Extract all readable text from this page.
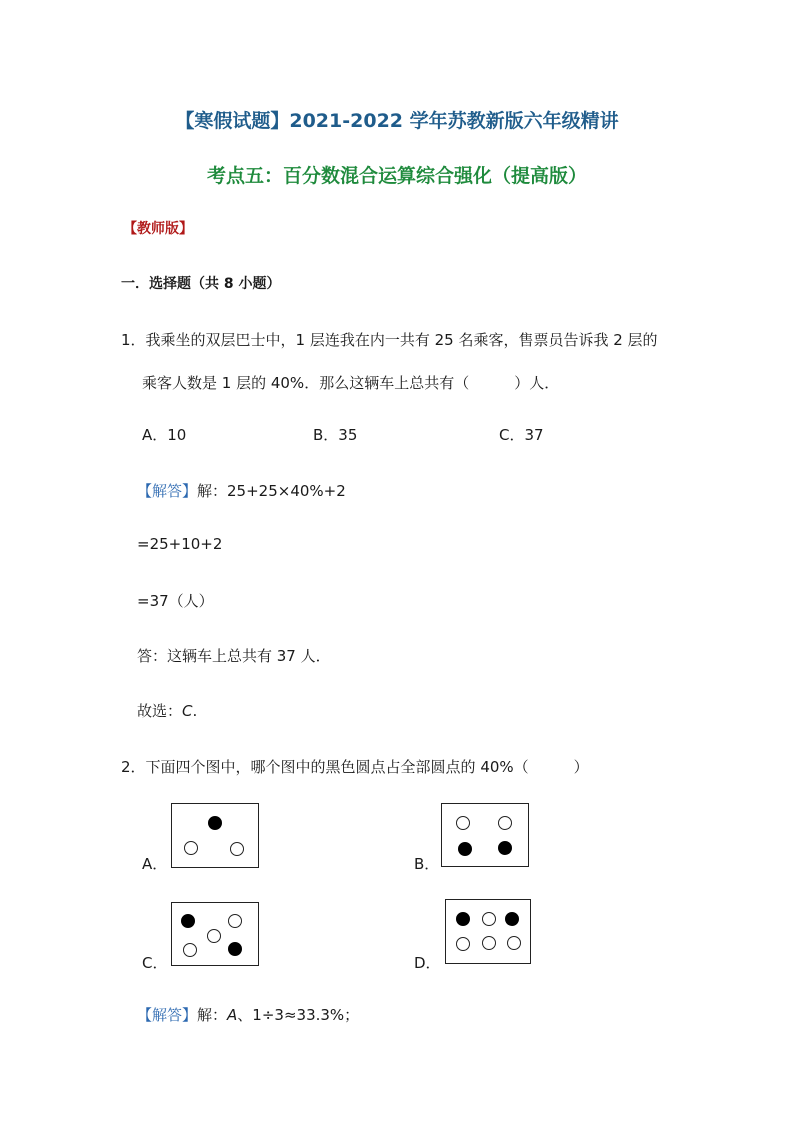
【寒假试题】2021-2022 学年苏教新版六年级精讲
考点五：百分数混合运算综合强化（提高版）
【教师版】
一．选择题（共 8 小题）
1．我乘坐的双层巴士中，1 层连我在内一共有 25 名乘客，售票员告诉我 2 层的
乘客人数是 1 层的 40%．那么这辆车上总共有（　　　）人．
A．10	B．35	C．37
【解答】解：25+25×40%+2
=25+10+2
=37（人）
答：这辆车上总共有 37 人．
故选：C.
2．下面四个图中，哪个图中的黑色圆点占全部圆点的 40%（　　　）
A．	B．
C．	D．
【解答】解：A、1÷3≈33.3%；
